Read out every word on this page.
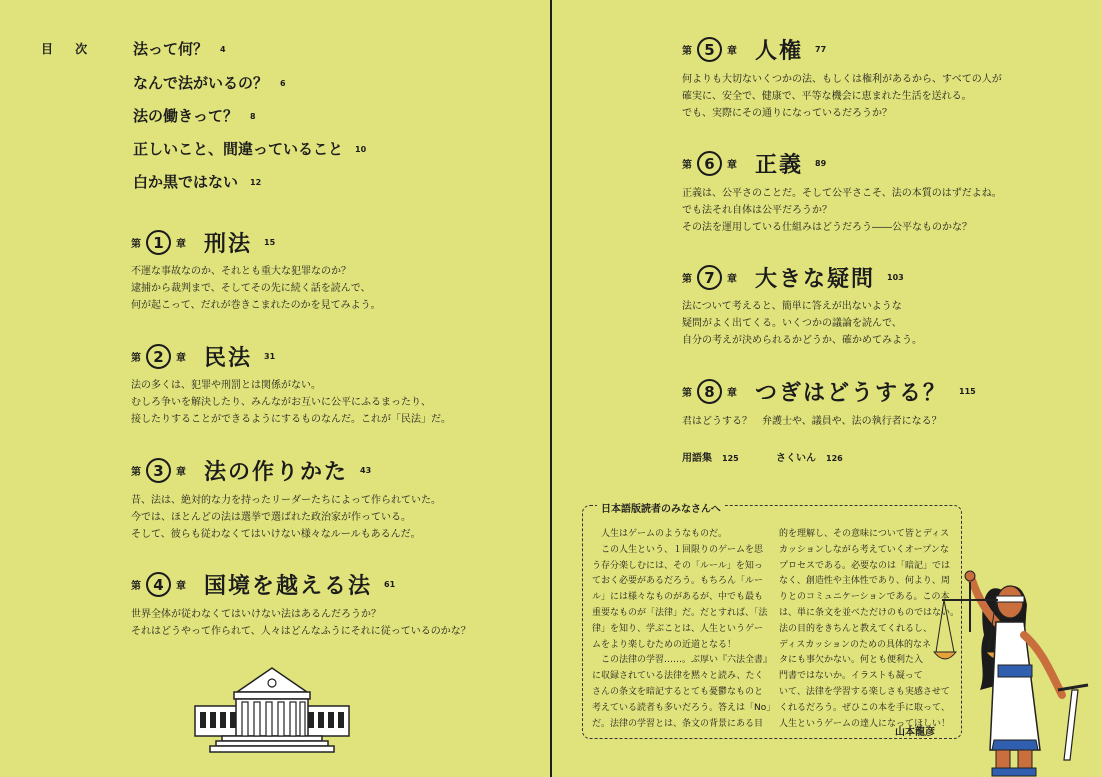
目 次 法って何？ 4
なんで法がいるの？ 6
法の働きって？ 8
正しいこと、間違っていること 10
白か黒ではない 12
第 1	章 刑法 15
不運な事故なのか、それとも重大な犯罪なのか？
逮捕から裁判まで、そしてその先に続く話を読んで、
何が起こって、だれが巻きこまれたのかを見てみよう。
第 2	章 民法 31
法の多くは、犯罪や刑罰とは関係がない。
むしろ争いを解決したり、みんながお互いに公平にふるまったり、
接したりすることができるようにするものなんだ。これが「民法」だ。
第 3	章 法の作りかた 43
昔、法は、絶対的な力を持ったリーダーたちによって作られていた。
今では、ほとんどの法は選挙で選ばれた政治家が作っている。
そして、彼らも従わなくてはいけない様々なルールもあるんだ。
第 4	章 国境を越える法 61
世界全体が従わなくてはいけない法はあるんだろうか？
それはどうやって作られて、人々はどんなふうにそれに従っているのかな？
第 5	章 人権 77
何よりも大切ないくつかの法、もしくは権利があるから、すべての人が
確実に、安全で、健康で、平等な機会に恵まれた生活を送れる。
でも、実際にその通りになっているだろうか？
第 6	章 正義 89
正義は、公平さのことだ。そして公平さこそ、法の本質のはずだよね。
でも法それ自体は公平だろうか？
その法を運用している仕組みはどうだろう――公平なものかな？
第 7	章 大きな疑問 103
法について考えると、簡単に答えが出ないような
疑問がよく出てくる。いくつかの議論を読んで、
自分の考えが決められるかどうか、確かめてみよう。
第 8	章 つぎはどうする？ 115
君はどうする？　弁護士や、議員や、法の執行者になる？
用語集 125	さくいん 126
日本語版読者のみなさんへ
　人生はゲームのようなものだ。
　この人生という、１回限りのゲームを思
う存分楽しむには、その「ルール」を知っ
ておく必要があるだろう。もちろん「ルー
ル」には様々なものがあるが、中でも最も
重要なものが「法律」だ。だとすれば、「法
律」を知り、学ぶことは、人生というゲー
ムをより楽しむための近道となる！
　この法律の学習……。ぶ厚い『六法全書』
に収録されている法律を黙々と読み、たく
さんの条文を暗記するとても憂鬱なものと
考えている読者も多いだろう。答えは「No」
だ。法律の学習とは、条文の背景にある目
的を理解し、その意味について皆とディス
カッションしながら考えていくオープンな
プロセスである。必要なのは「暗記」では
なく、創造性や主体性であり、何より、周
りとのコミュニケーションである。この本
は、単に条文を並べただけのものではない。
法の目的をきちんと教えてくれるし、
ディスカッションのための具体的なネ
タにも事欠かない。何とも便利た入
門書ではないか。イラストも凝って
いて、法律を学習する楽しさも実感させて
くれるだろう。ぜひこの本を手に取って、
人生というゲームの達人になってほしい！
山本龍彦
